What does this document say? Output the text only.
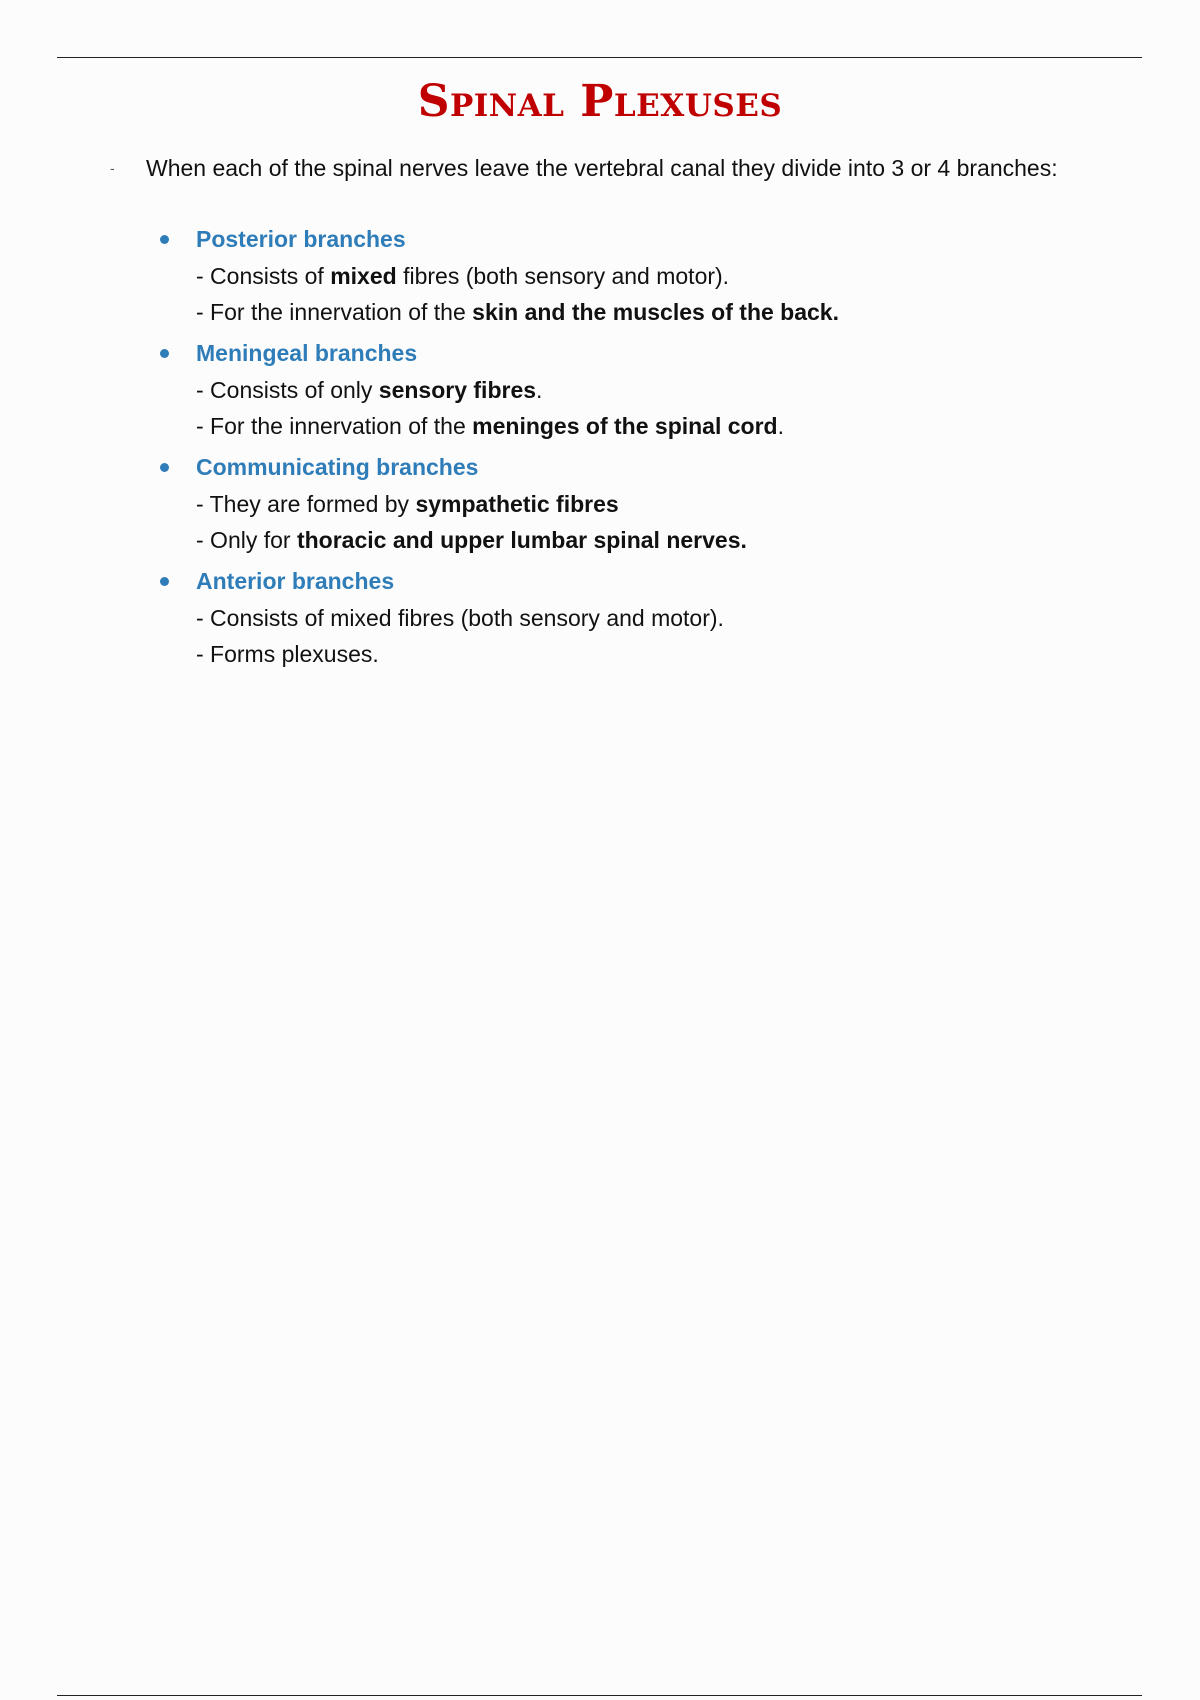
Spinal Plexuses
- When each of the spinal nerves leave the vertebral canal they divide into 3 or 4 branches:
Posterior branches
- Consists of mixed fibres (both sensory and motor).
- For the innervation of the skin and the muscles of the back.
Meningeal branches
- Consists of only sensory fibres.
- For the innervation of the meninges of the spinal cord.
Communicating branches
- They are formed by sympathetic fibres
- Only for thoracic and upper lumbar spinal nerves.
Anterior branches
- Consists of mixed fibres (both sensory and motor).
- Forms plexuses.
